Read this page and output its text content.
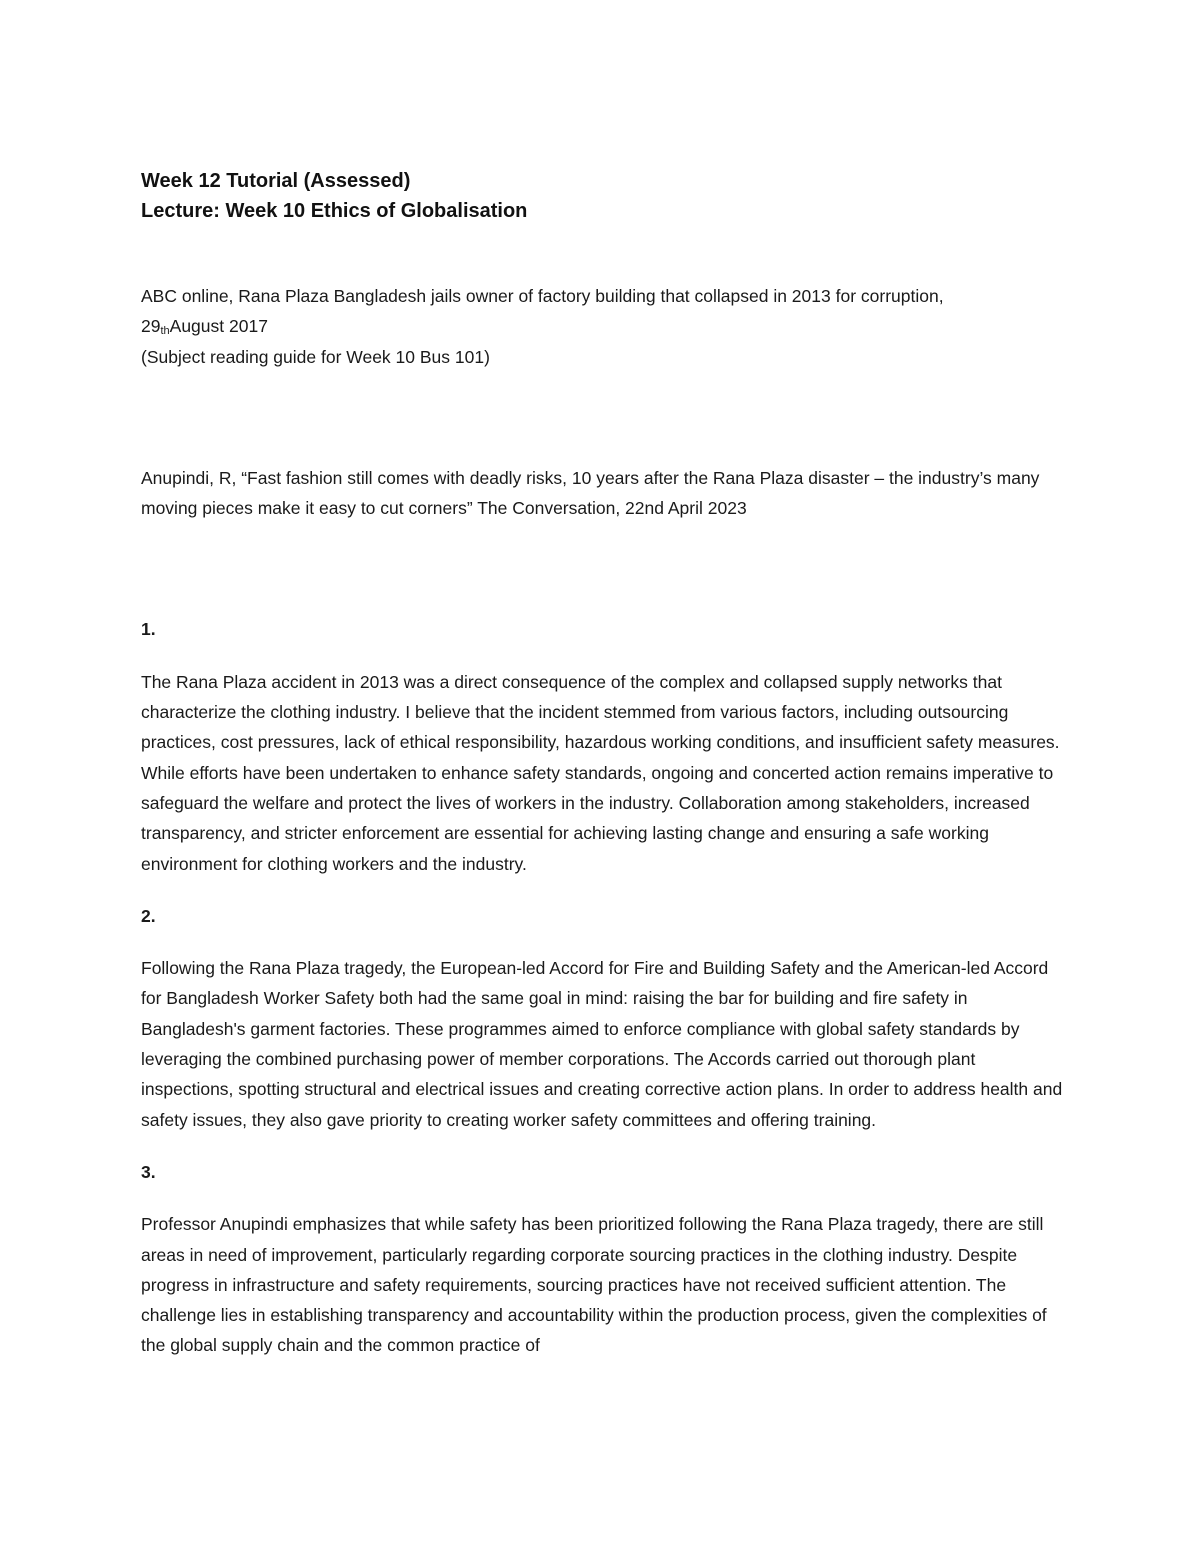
Week 12 Tutorial (Assessed)

Lecture: Week 10 Ethics of Globalisation

ABC online, Rana Plaza Bangladesh jails owner of factory building that collapsed in 2013 for corruption,

29thAugust 2017

(Subject reading guide for Week 10 Bus 101)

Anupindi, R, “Fast fashion still comes with deadly risks, 10 years after the Rana Plaza disaster – the industry’s many moving pieces make it easy to cut corners” The Conversation, 22nd April 2023

1.

The Rana Plaza accident in 2013 was a direct consequence of the complex and collapsed supply networks that characterize the clothing industry. I believe that the incident stemmed from various factors, including outsourcing practices, cost pressures, lack of ethical responsibility, hazardous working conditions, and insufficient safety measures. While efforts have been undertaken to enhance safety standards, ongoing and concerted action remains imperative to safeguard the welfare and protect the lives of workers in the industry. Collaboration among stakeholders, increased transparency, and stricter enforcement are essential for achieving lasting change and ensuring a safe working environment for clothing workers and the industry.

2.

Following the Rana Plaza tragedy, the European-led Accord for Fire and Building Safety and the American-led Accord for Bangladesh Worker Safety both had the same goal in mind: raising the bar for building and fire safety in Bangladesh's garment factories. These programmes aimed to enforce compliance with global safety standards by leveraging the combined purchasing power of member corporations. The Accords carried out thorough plant inspections, spotting structural and electrical issues and creating corrective action plans. In order to address health and safety issues, they also gave priority to creating worker safety committees and offering training.

3.

Professor Anupindi emphasizes that while safety has been prioritized following the Rana Plaza tragedy, there are still areas in need of improvement, particularly regarding corporate sourcing practices in the clothing industry. Despite progress in infrastructure and safety requirements, sourcing practices have not received sufficient attention. The challenge lies in establishing transparency and accountability within the production process, given the complexities of the global supply chain and the common practice of
